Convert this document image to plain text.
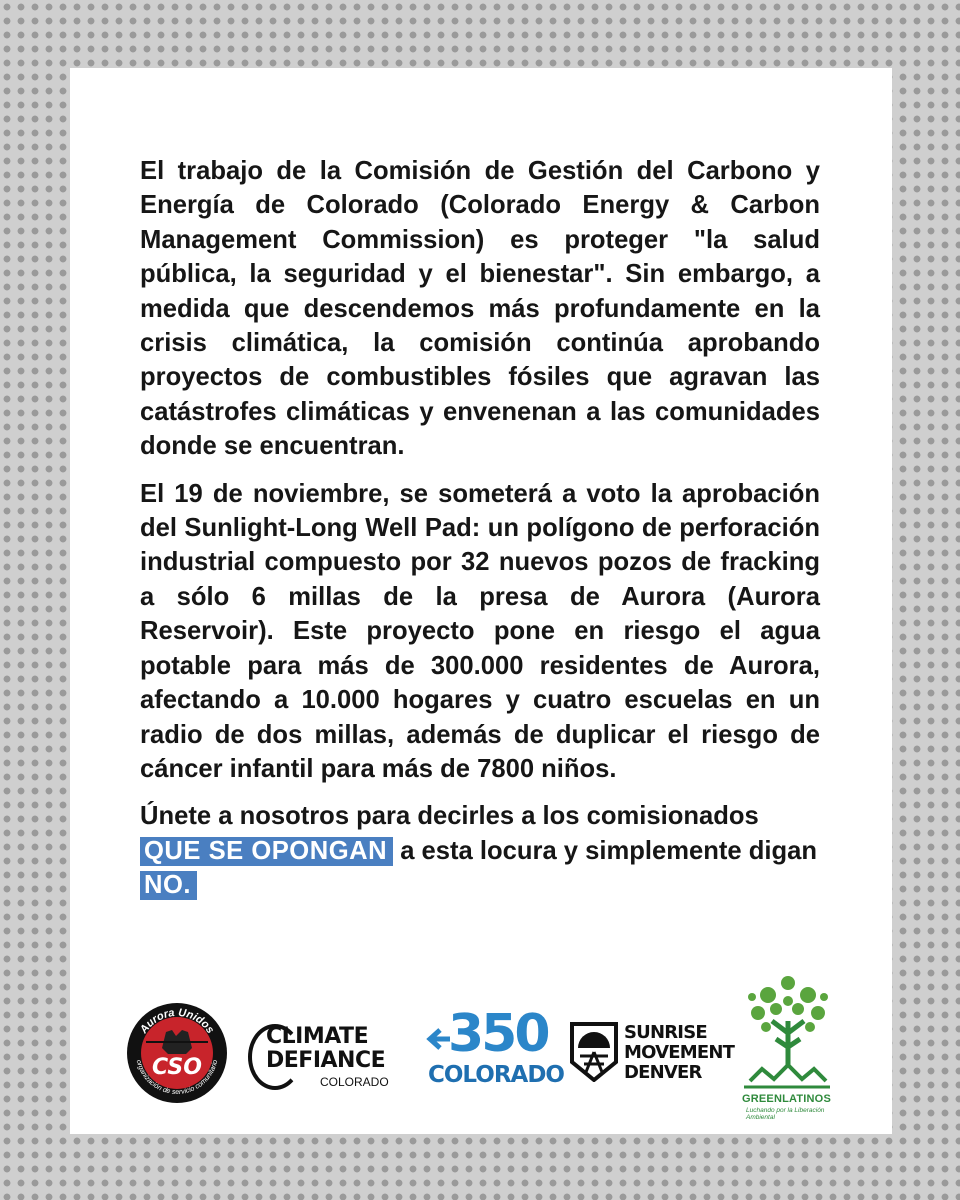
El trabajo de la Comisión de Gestión del Carbono y Energía de Colorado (Colorado Energy & Carbon Management Commission) es proteger "la salud pública, la seguridad y el bienestar". Sin embargo, a medida que descendemos más profundamente en la crisis climática, la comisión continúa aprobando proyectos de combustibles fósiles que agravan las catástrofes climáticas y envenenan a las comunidades donde se encuentran.

El 19 de noviembre, se someterá a voto la aprobación del Sunlight-Long Well Pad: un polígono de perforación industrial compuesto por 32 nuevos pozos de fracking a sólo 6 millas de la presa de Aurora (Aurora Reservoir). Este proyecto pone en riesgo el agua potable para más de 300.000 residentes de Aurora, afectando a 10.000 hogares y cuatro escuelas en un radio de dos millas, además de duplicar el riesgo de cáncer infantil para más de 7800 niños.

Únete a nosotros para decirles a los comisionados QUE SE OPONGAN a esta locura y simplemente digan NO.

Aurora Unidos
organización de servicio comunitario
CSO
CLIMATE
DEFIANCE
COLORADO
350
COLORADO
SUNRISE
MOVEMENT
DENVER
GREENLATINOS
Luchando por la Liberación Ambiental
